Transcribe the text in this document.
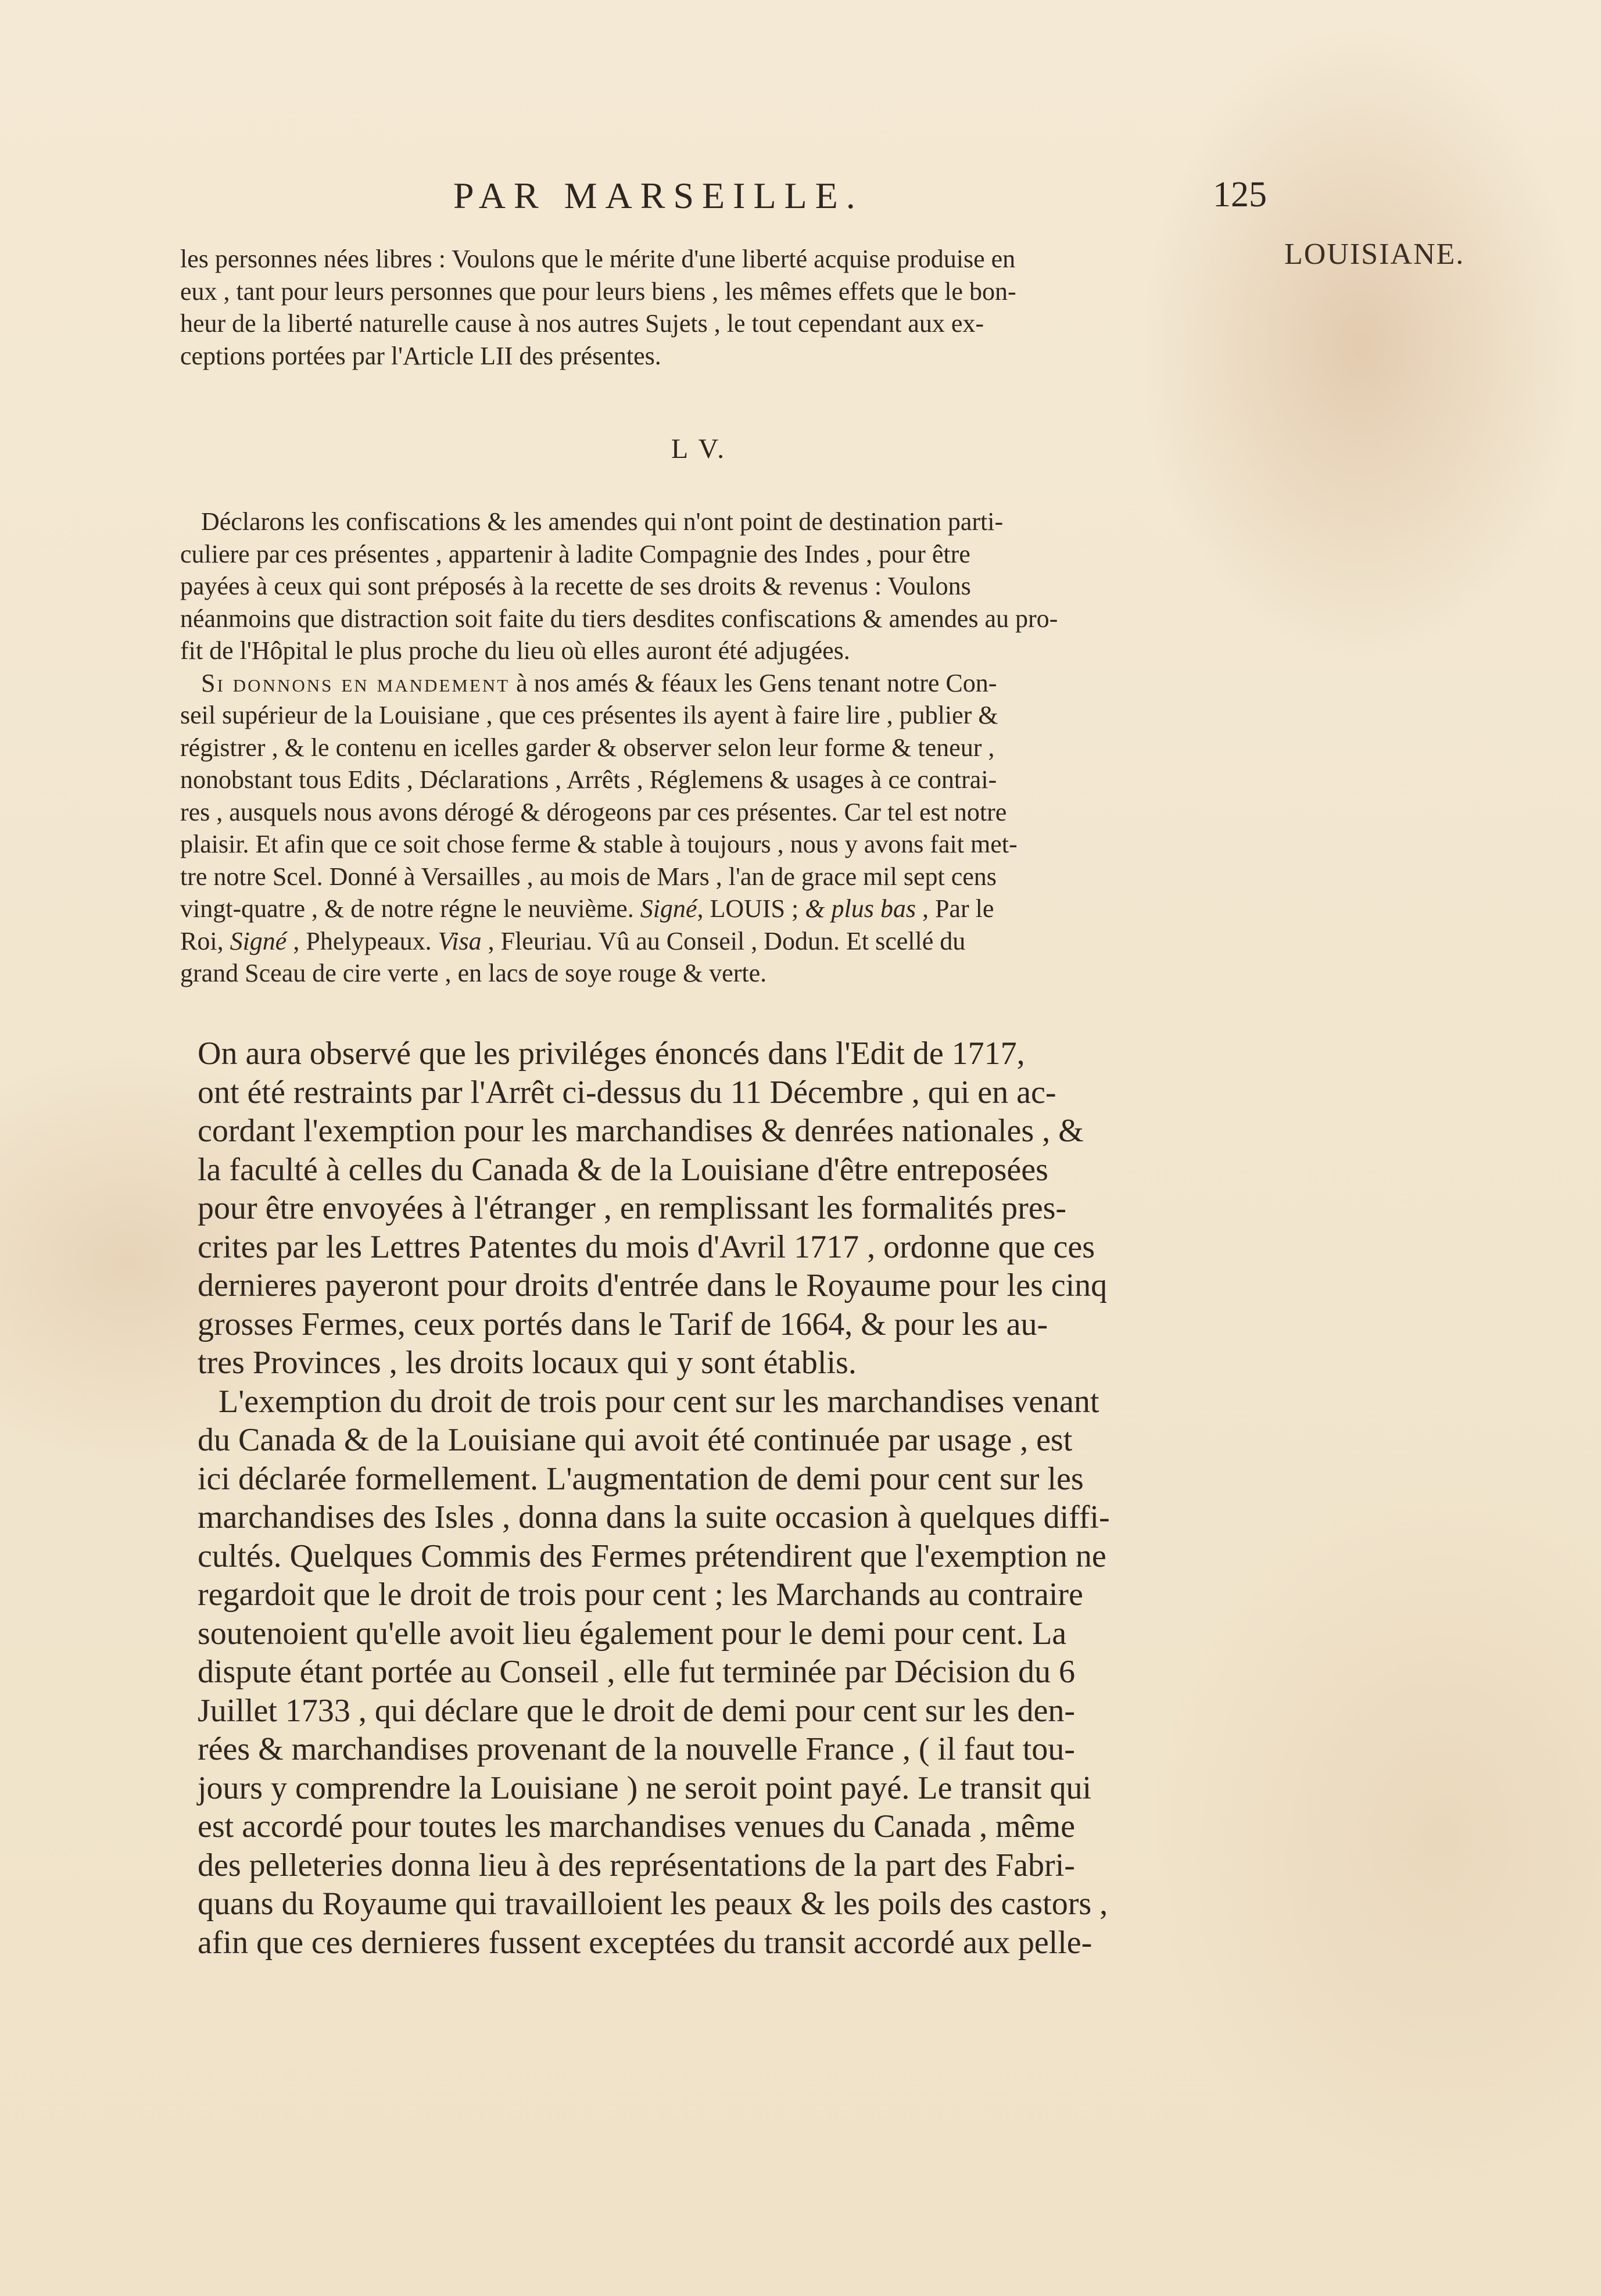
PAR MARSEILLE.	125
LOUISIANE.
les personnes nées libres : Voulons que le mérite d'une liberté acquise produise en
eux , tant pour leurs personnes que pour leurs biens , les mêmes effets que le bon-
heur de la liberté naturelle cause à nos autres Sujets , le tout cependant aux ex-
ceptions portées par l'Article LII des présentes.
L V.
Déclarons les confiscations & les amendes qui n'ont point de destination parti-
culiere par ces présentes , appartenir à ladite Compagnie des Indes , pour être
payées à ceux qui sont préposés à la recette de ses droits & revenus : Voulons
néanmoins que distraction soit faite du tiers desdites confiscations & amendes au pro-
fit de l'Hôpital le plus proche du lieu où elles auront été adjugées.
Si donnons en mandement à nos amés & féaux les Gens tenant notre Con-
seil supérieur de la Louisiane , que ces présentes ils ayent à faire lire , publier &
régistrer , & le contenu en icelles garder & observer selon leur forme & teneur ,
nonobstant tous Edits , Déclarations , Arrêts , Réglemens & usages à ce contrai-
res , ausquels nous avons dérogé & dérogeons par ces présentes. Car tel est notre
plaisir. Et afin que ce soit chose ferme & stable à toujours , nous y avons fait met-
tre notre Scel. Donné à Versailles , au mois de Mars , l'an de grace mil sept cens
vingt-quatre , & de notre régne le neuvième. Signé, LOUIS ; & plus bas , Par le
Roi, Signé , Phelypeaux. Visa , Fleuriau. Vû au Conseil , Dodun. Et scellé du
grand Sceau de cire verte , en lacs de soye rouge & verte.
On aura observé que les priviléges énoncés dans l'Edit de 1717,
ont été restraints par l'Arrêt ci-dessus du 11 Décembre , qui en ac-
cordant l'exemption pour les marchandises & denrées nationales , &
la faculté à celles du Canada & de la Louisiane d'être entreposées
pour être envoyées à l'étranger , en remplissant les formalités pres-
crites par les Lettres Patentes du mois d'Avril 1717 , ordonne que ces
dernieres payeront pour droits d'entrée dans le Royaume pour les cinq
grosses Fermes, ceux portés dans le Tarif de 1664, & pour les au-
tres Provinces , les droits locaux qui y sont établis.
L'exemption du droit de trois pour cent sur les marchandises venant
du Canada & de la Louisiane qui avoit été continuée par usage , est
ici déclarée formellement. L'augmentation de demi pour cent sur les
marchandises des Isles , donna dans la suite occasion à quelques diffi-
cultés. Quelques Commis des Fermes prétendirent que l'exemption ne
regardoit que le droit de trois pour cent ; les Marchands au contraire
soutenoient qu'elle avoit lieu également pour le demi pour cent. La
dispute étant portée au Conseil , elle fut terminée par Décision du 6
Juillet 1733 , qui déclare que le droit de demi pour cent sur les den-
rées & marchandises provenant de la nouvelle France , ( il faut tou-
jours y comprendre la Louisiane ) ne seroit point payé. Le transit qui
est accordé pour toutes les marchandises venues du Canada , même
des pelleteries donna lieu à des représentations de la part des Fabri-
quans du Royaume qui travailloient les peaux & les poils des castors ,
afin que ces dernieres fussent exceptées du transit accordé aux pelle-
